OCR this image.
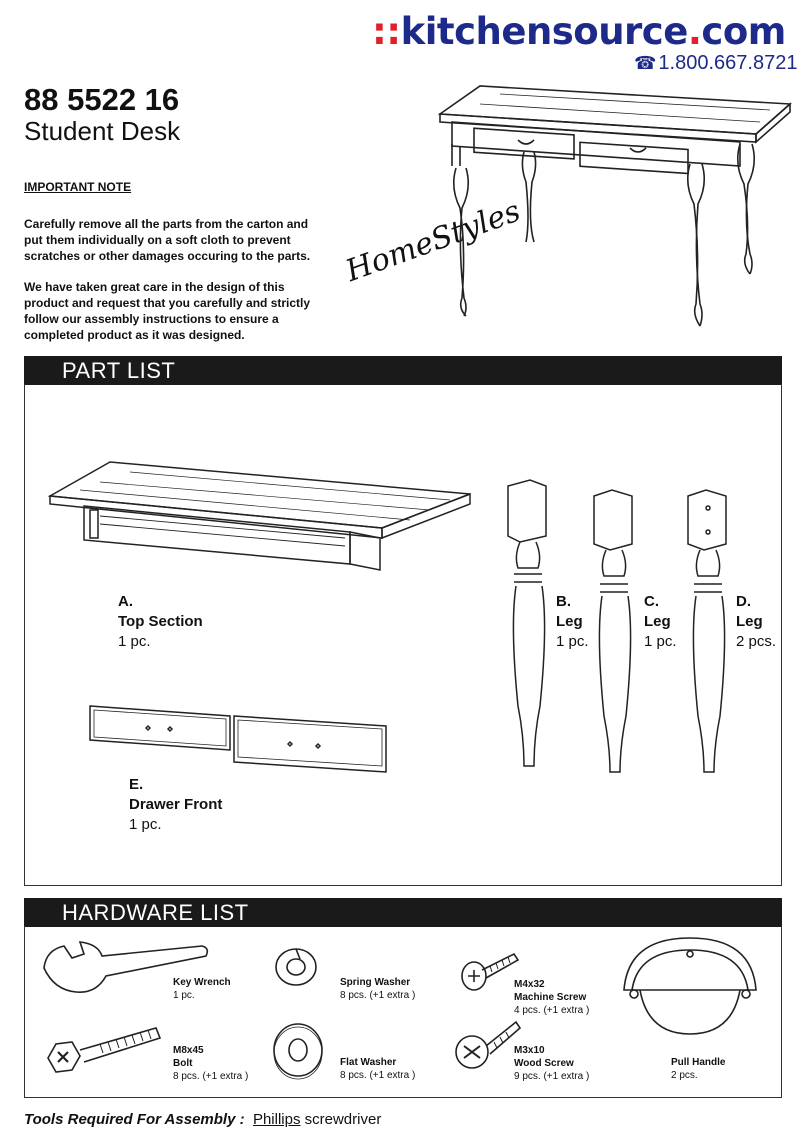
::kitchensource.com
☎ 1.800.667.8721
88 5522 16
Student Desk
IMPORTANT NOTE
Carefully remove all the parts from the carton and put them individually on a soft cloth to prevent scratches or other damages occuring to the parts.
We have taken great care in the design of this product and request that you carefully and strictly follow our assembly instructions to ensure a completed product as it was designed.
HomeStyles
PART LIST
A.
Top Section
1 pc.
B.
Leg
1 pc.
C.
Leg
1 pc.
D.
Leg
2 pcs.
E.
Drawer Front
1 pc.
HARDWARE LIST
Key Wrench
1 pc.
Spring Washer
8 pcs. (+1 extra )
M4x32
Machine Screw
4 pcs. (+1 extra )
Pull Handle
2 pcs.
M8x45
Bolt
8 pcs. (+1 extra )
Flat Washer
8 pcs. (+1 extra )
M3x10
Wood Screw
9 pcs. (+1 extra )
Tools Required For Assembly : Phillips screwdriver
